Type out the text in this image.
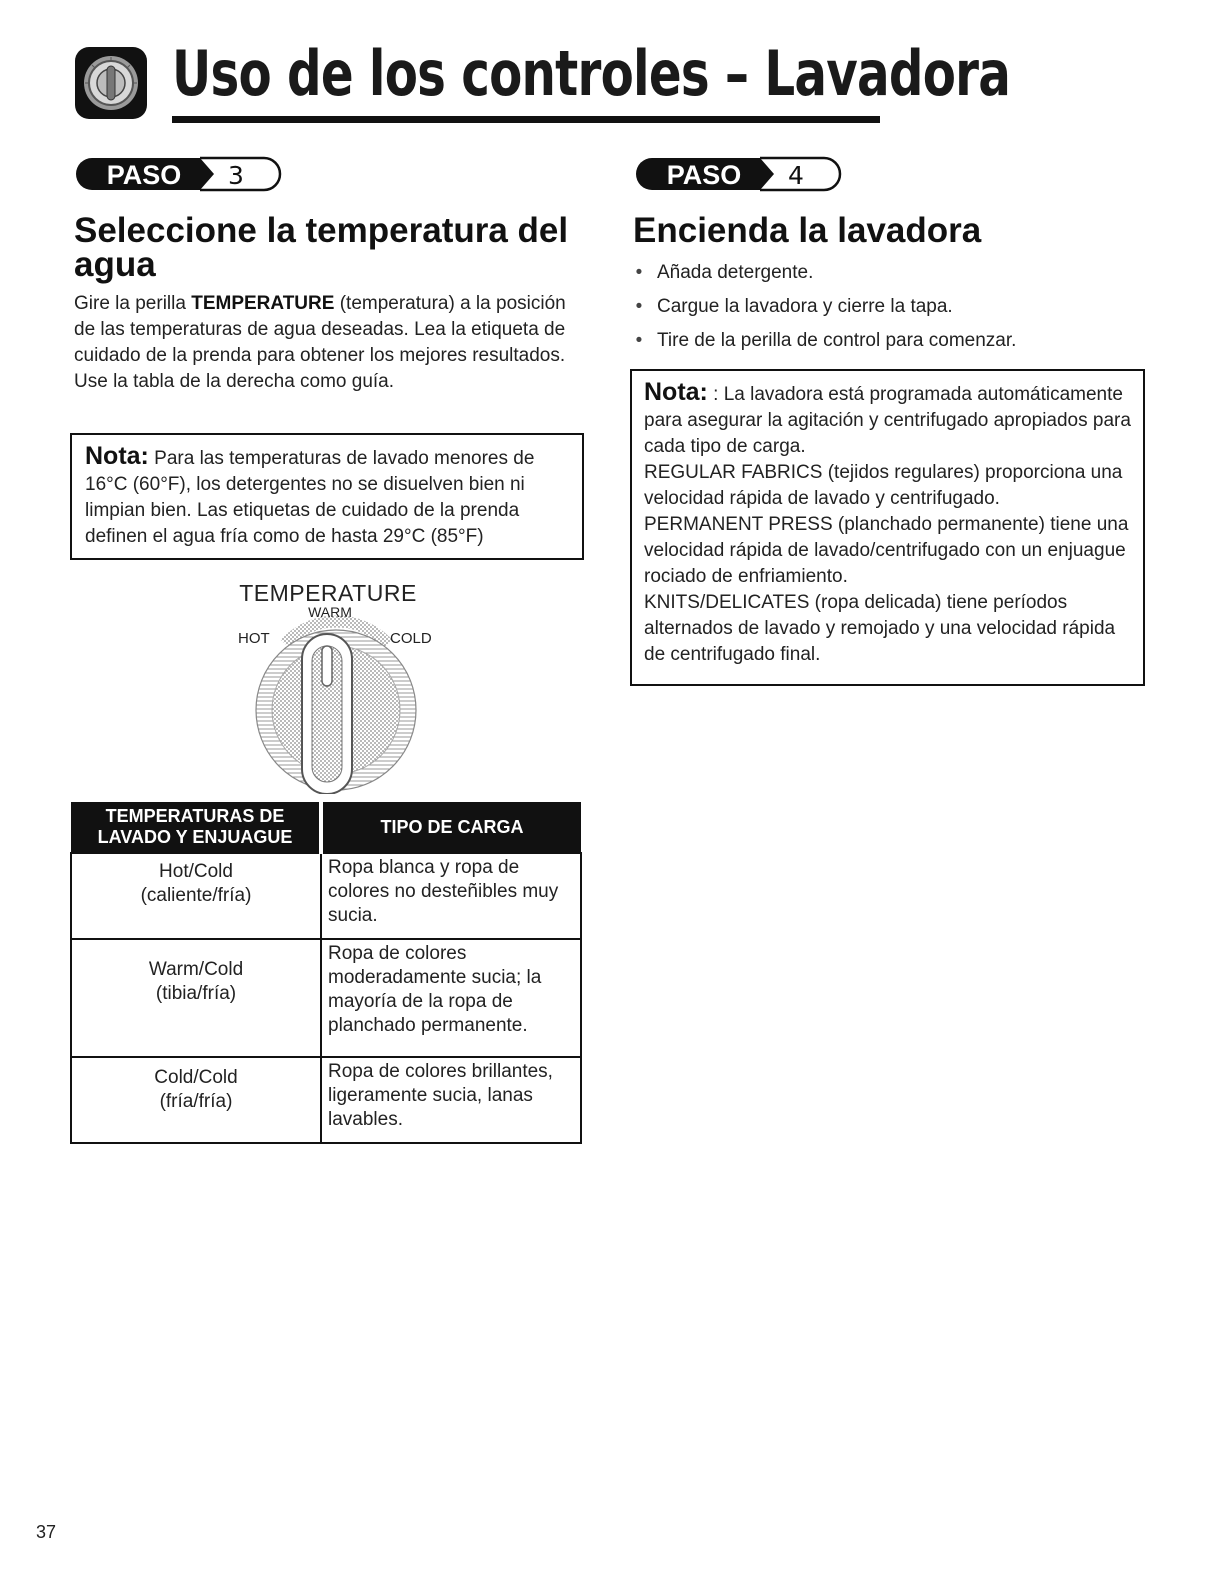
Uso de los controles – Lavadora
PASO 3
Seleccione la temperatura del agua

Gire la perilla TEMPERATURE (temperatura) a la posición de las temperaturas de agua deseadas. Lea la etiqueta de cuidado de la prenda para obtener los mejores resultados. Use la tabla de la derecha como guía.

Nota: Para las temperaturas de lavado menores de 16°C (60°F), los detergentes no se disuelven bien ni limpian bien. Las etiquetas de cuidado de la prenda definen el agua fría como de hasta 29°C (85°F)
TEMPERATURE
WARM
HOT	COLD
TEMPERATURAS DE LAVADO Y ENJUAGUE	TIPO DE CARGA

Hot/Cold
(caliente/fría)	Ropa blanca y ropa de colores no desteñibles muy sucia.

Warm/Cold
(tibia/fría)	Ropa de colores moderadamente sucia; la mayoría de la ropa de planchado permanente.

Cold/Cold
(fría/fría)	Ropa de colores brillantes, ligeramente sucia, lanas lavables.
PASO 4
Encienda la lavadora
• Añada detergente.
• Cargue la lavadora y cierre la tapa.
• Tire de la perilla de control para comenzar.
Nota: : La lavadora está programada automáticamente para asegurar la agitación y centrifugado apropiados para cada tipo de carga.
REGULAR FABRICS (tejidos regulares) proporciona una velocidad rápida de lavado y centrifugado.
PERMANENT PRESS (planchado permanente) tiene una velocidad rápida de lavado/centrifugado con un enjuague rociado de enfriamiento.
KNITS/DELICATES (ropa delicada) tiene períodos alternados de lavado y remojado y una velocidad rápida de centrifugado final.
37
